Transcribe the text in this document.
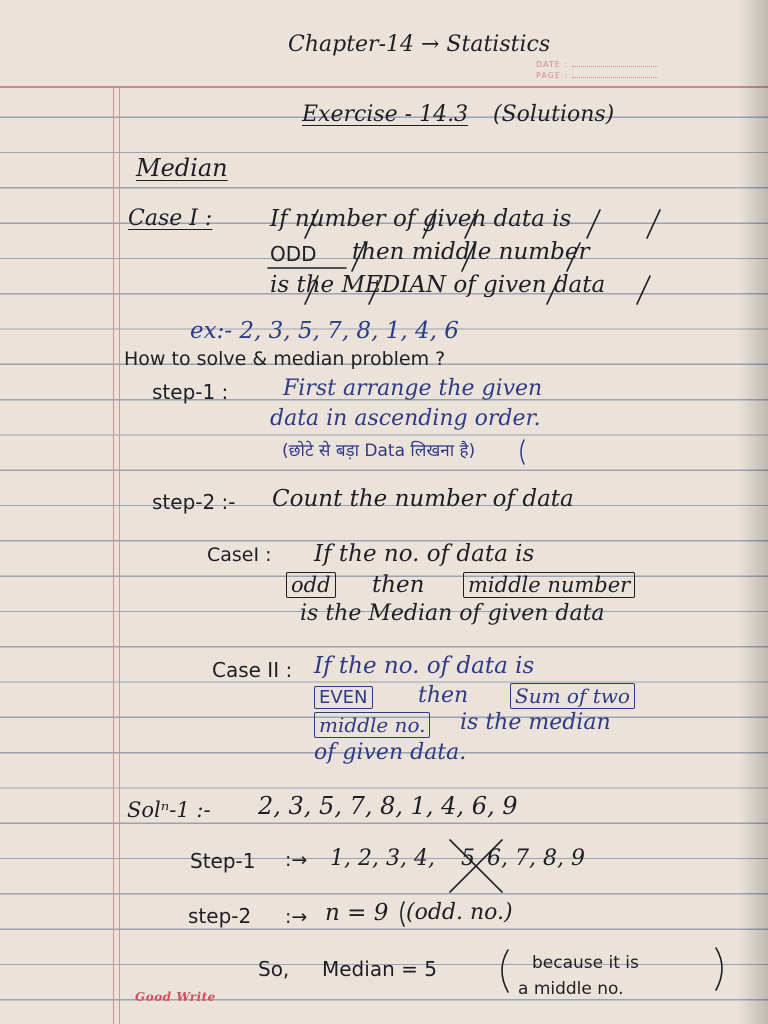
Chapter-14 → Statistics
DATE :
PAGE :
Exercise - 14.3 (Solutions)
Median
Case I :	If number of given data is
ODD then middle number
is the MEDIAN of given data
ex:- 2, 3, 5, 7, 8, 1, 4, 6
How to solve & median problem ?
step-1 : First arrange the given
data in ascending order.
(छोटे से बड़ा Data लिखना है)
step-2 :- Count the number of data
CaseI : If the no. of data is
odd then middle number
is the Median of given data
Case II : If the no. of data is
EVEN then Sum of two
middle no. is the median
of given data.
Solⁿ-1 :- 2, 3, 5, 7, 8, 1, 4, 6, 9
Step-1 :→ 1, 2, 3, 4, 5 6, 7, 8, 9
step-2 :→ n = 9 (odd. no.)
So, Median = 5	because it is
a middle no.
Good Write
